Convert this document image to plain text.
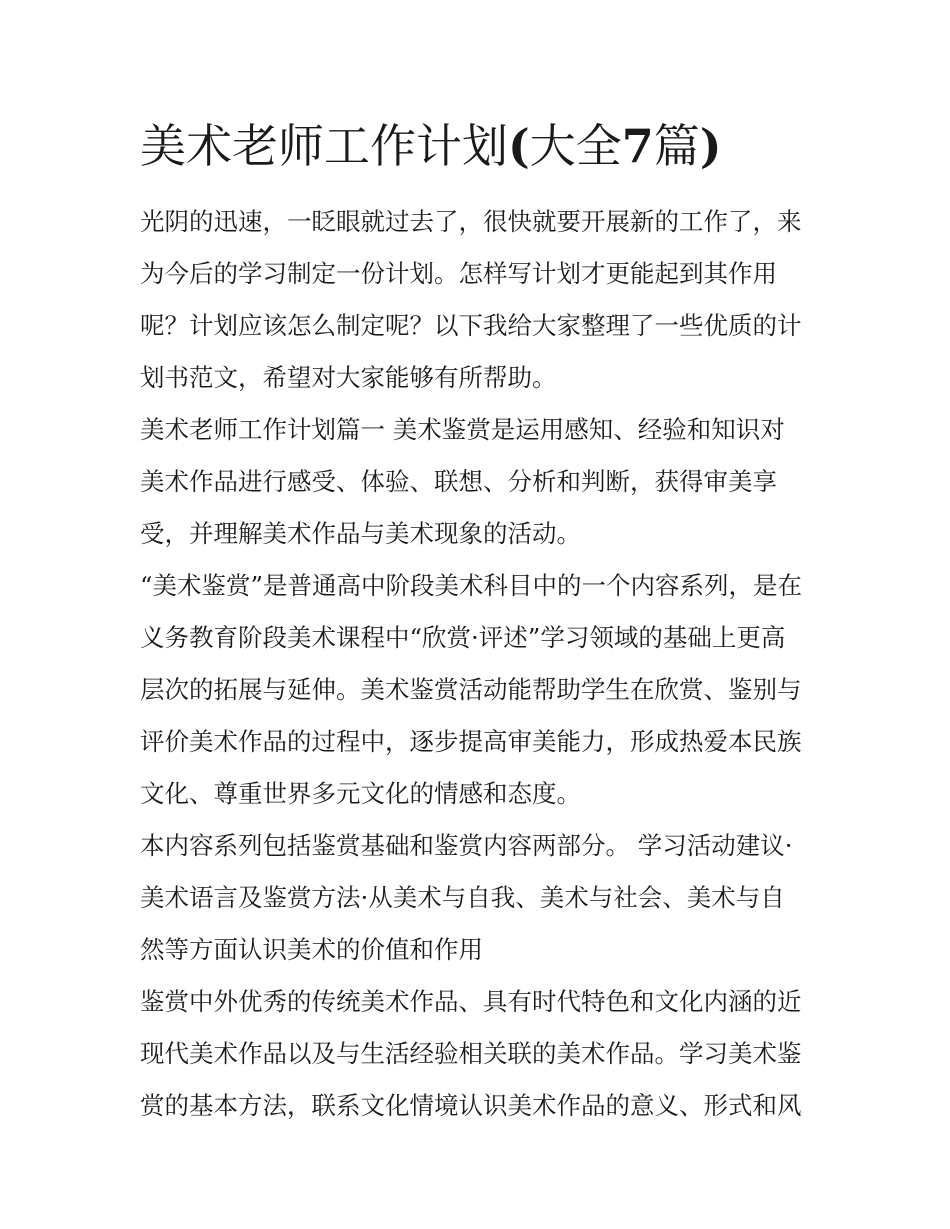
美术老师工作计划(大全7篇)
光阴的迅速，一眨眼就过去了，很快就要开展新的工作了，来
为今后的学习制定一份计划。怎样写计划才更能起到其作用
呢？计划应该怎么制定呢？以下我给大家整理了一些优质的计
划书范文，希望对大家能够有所帮助。
美术老师工作计划篇一 美术鉴赏是运用感知、经验和知识对
美术作品进行感受、体验、联想、分析和判断，获得审美享
受，并理解美术作品与美术现象的活动。
“美术鉴赏”是普通高中阶段美术科目中的一个内容系列，是在
义务教育阶段美术课程中“欣赏·评述”学习领域的基础上更高
层次的拓展与延伸。美术鉴赏活动能帮助学生在欣赏、鉴别与
评价美术作品的过程中，逐步提高审美能力，形成热爱本民族
文化、尊重世界多元文化的情感和态度。
本内容系列包括鉴赏基础和鉴赏内容两部分。 学习活动建议·
美术语言及鉴赏方法·从美术与自我、美术与社会、美术与自
然等方面认识美术的价值和作用
鉴赏中外优秀的传统美术作品、具有时代特色和文化内涵的近
现代美术作品以及与生活经验相关联的美术作品。学习美术鉴
赏的基本方法，联系文化情境认识美术作品的意义、形式和风
